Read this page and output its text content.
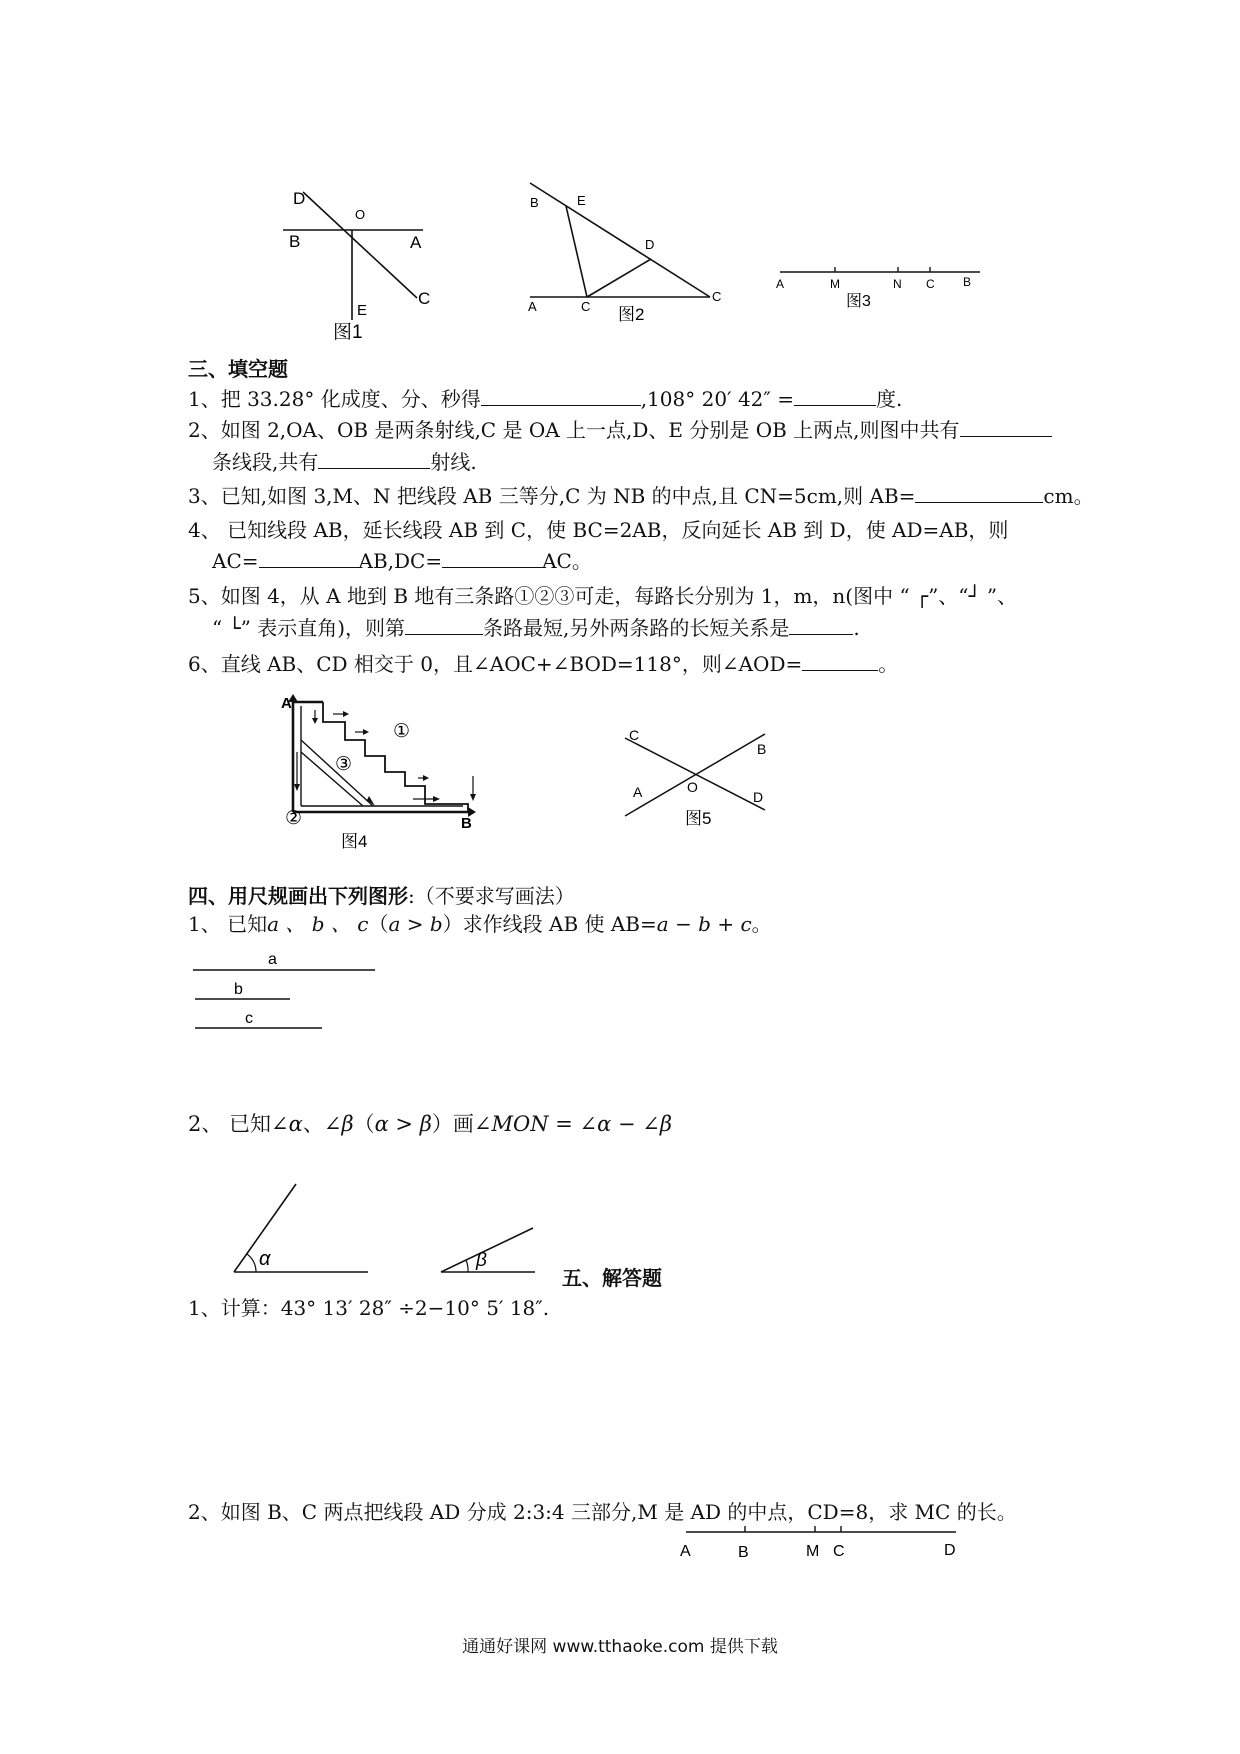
D
O
B	A
C
E
图1
B	E
D
A	C
C
图2
A	M	N C B
图3
三、填空题
1、把 33.28° 化成度、分、秒得	,108° 20′ 42″ =	度.
2、如图 2,OA、OB 是两条射线,C 是 OA 上一点,D、E 分别是 OB 上两点,则图中共有
条线段,共有	射线.
3、已知,如图 3,M、N 把线段 AB 三等分,C 为 NB 的中点,且 CN=5cm,则 AB=	cm。
4、 已知线段 AB，延长线段 AB 到 C，使 BC=2AB，反向延长 AB 到 D，使 AD=AB，则
AC=	AB,DC=	AC。
5、如图 4，从 A 地到 B 地有三条路①②③可走，每路长分别为 1，m，n(图中 “ ┌”、“┘ ”、
“ └” 表示直角)，则第	条路最短,另外两条路的长短关系是	.
6、直线 AB、CD 相交于 0，且∠AOC+∠BOD=118°，则∠AOD=	。
A
B
①
②
③
图4
C
B
A	O
D
图5
四、用尺规画出下列图形:（不要求写画法）
1、 已知a 、 b 、 c（a > b）求作线段 AB 使 AB=a − b + c。
a
b
c
2、 已知∠α、∠β（α > β）画∠MON = ∠α − ∠β
α	β
五、解答题
1、计算：43° 13′ 28″ ÷2−10° 5′ 18″.
2、如图 B、C 两点把线段 AD 分成 2:3:4 三部分,M 是 AD 的中点，CD=8，求 MC 的长。
A	B	M C	D
通通好课网 www.tthaoke.com 提供下载
